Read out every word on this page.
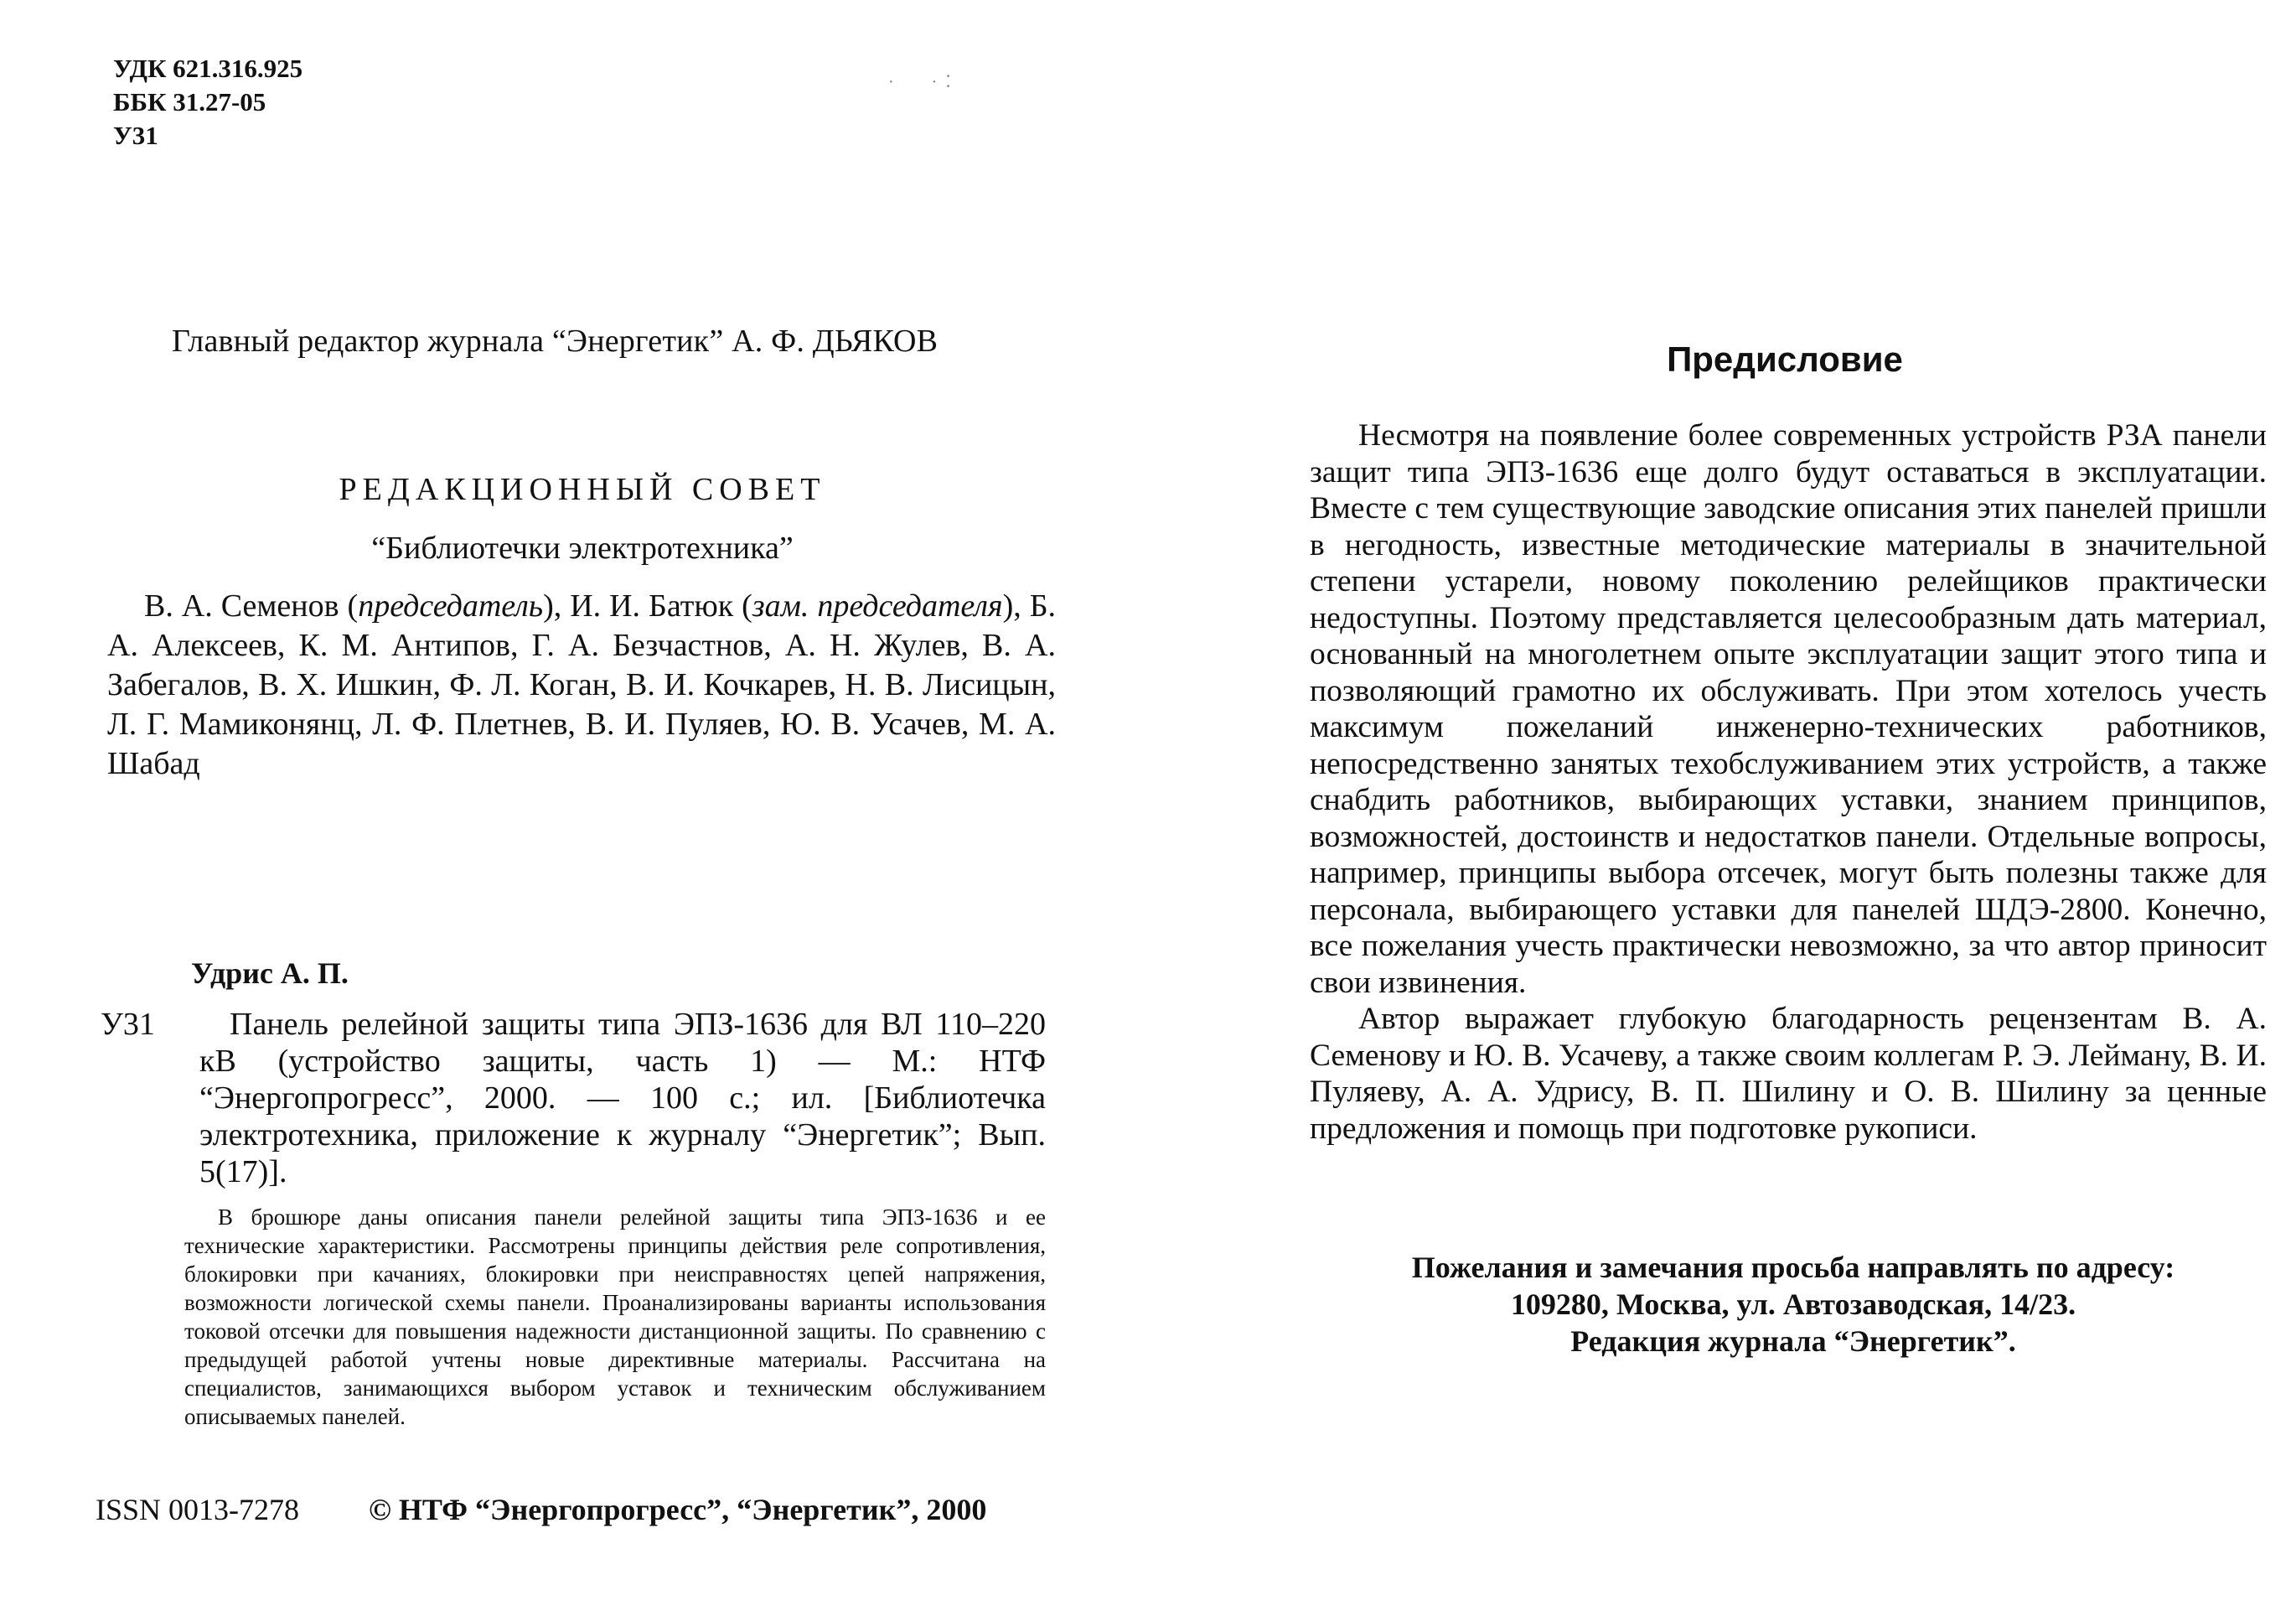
УДК 621.316.925
ББК 31.27-05
У31
·         ·  ⁚
Главный редактор журнала “Энергетик” А. Ф. ДЬЯКОВ
РЕДАКЦИОННЫЙ СОВЕТ
“Библиотечки электротехника”
В. А. Семенов (председатель), И. И. Батюк (зам. председателя), Б. А. Алексеев, К. М. Антипов, Г. А. Безчастнов, А. Н. Жулев, В. А. Забегалов, В. Х. Ишкин, Ф. Л. Коган, В. И. Кочкарев, Н. В. Лисицын, Л. Г. Мамиконянц, Л. Ф. Плетнев, В. И. Пуляев, Ю. В. Усачев, М. А. Шабад
Удрис А. П.
У31	Панель релейной защиты типа ЭПЗ-1636 для ВЛ 110–220 кВ (устройство защиты, часть 1) — М.: НТФ “Энергопрогресс”, 2000. — 100 с.; ил. [Библиотечка электротехника, приложение к журналу “Энергетик”; Вып. 5(17)].
В брошюре даны описания панели релейной защиты типа ЭПЗ-1636 и ее технические характеристики. Рассмотрены принципы действия реле сопротивления, блокировки при качаниях, блокировки при неисправностях цепей напряжения, возможности логической схемы панели. Проанализированы варианты использования токовой отсечки для повышения надежности дистанционной защиты. По сравнению с предыдущей работой учтены новые директивные материалы. Рассчитана на специалистов, занимающихся выбором уставок и техническим обслуживанием описываемых панелей.
ISSN 0013-7278 © НТФ “Энергопрогресс”, “Энергетик”, 2000
Предисловие

Несмотря на появление более современных устройств РЗА панели защит типа ЭПЗ-1636 еще долго будут оставаться в эксплуатации. Вместе с тем существующие заводские описания этих панелей пришли в негодность, известные методические материалы в значительной степени устарели, новому поколению релейщиков практически недоступны. Поэтому представляется целесообразным дать материал, основанный на многолетнем опыте эксплуатации защит этого типа и позволяющий грамотно их обслуживать. При этом хотелось учесть максимум пожеланий инженерно-технических работников, непосредственно занятых техобслуживанием этих устройств, а также снабдить работников, выбирающих уставки, знанием принципов, возможностей, достоинств и недостатков панели. Отдельные вопросы, например, принципы выбора отсечек, могут быть полезны также для персонала, выбирающего уставки для панелей ШДЭ-2800. Конечно, все пожелания учесть практически невозможно, за что автор приносит свои извинения.

Автор выражает глубокую благодарность рецензентам В. А. Семенову и Ю. В. Усачеву, а также своим коллегам Р. Э. Лейману, В. И. Пуляеву, А. А. Удрису, В. П. Шилину и О. В. Шилину за ценные предложения и помощь при подготовке рукописи.

Пожелания и замечания просьба направлять по адресу:
109280, Москва, ул. Автозаводская, 14/23.
Редакция журнала “Энергетик”.
